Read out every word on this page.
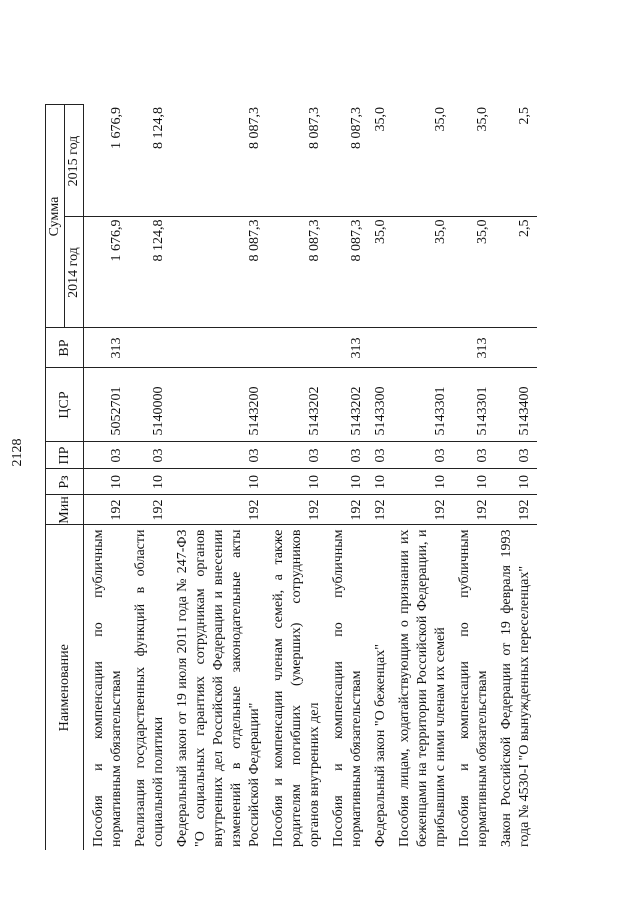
2128
Наименование	Мин	Рз	ПР	ЦСР	ВР	Сумма	
						2014 год	2015 год
Пособия и компенсации по публичным нормативным обязательствам	192	10	03	5052701	313	1 676,9	1 676,9
Реализация государственных функций в области социальной политики	192	10	03	5140000		8 124,8	8 124,8
Федеральный закон от 19 июля 2011 года № 247-ФЗ "О социальных гарантиях сотрудникам органов внутренних дел Российской Федерации и внесении изменений в отдельные законодательные акты Российской Федерации"	192	10	03	5143200		8 087,3	8 087,3
Пособия и компенсации членам семей, а также родителям погибших (умерших) сотрудников органов внутренних дел	192	10	03	5143202		8 087,3	8 087,3
Пособия и компенсации по публичным нормативным обязательствам	192	10	03	5143202	313	8 087,3	8 087,3
Федеральный закон "О беженцах"	192	10	03	5143300		35,0	35,0
Пособия лицам, ходатайствующим о признании их беженцами на территории Российской Федерации, и прибывшим с ними членам их семей	192	10	03	5143301		35,0	35,0
Пособия и компенсации по публичным нормативным обязательствам	192	10	03	5143301	313	35,0	35,0
Закон Российской Федерации от 19 февраля 1993 года № 4530-I "О вынужденных переселенцах"	192	10	03	5143400		2,5	2,5
